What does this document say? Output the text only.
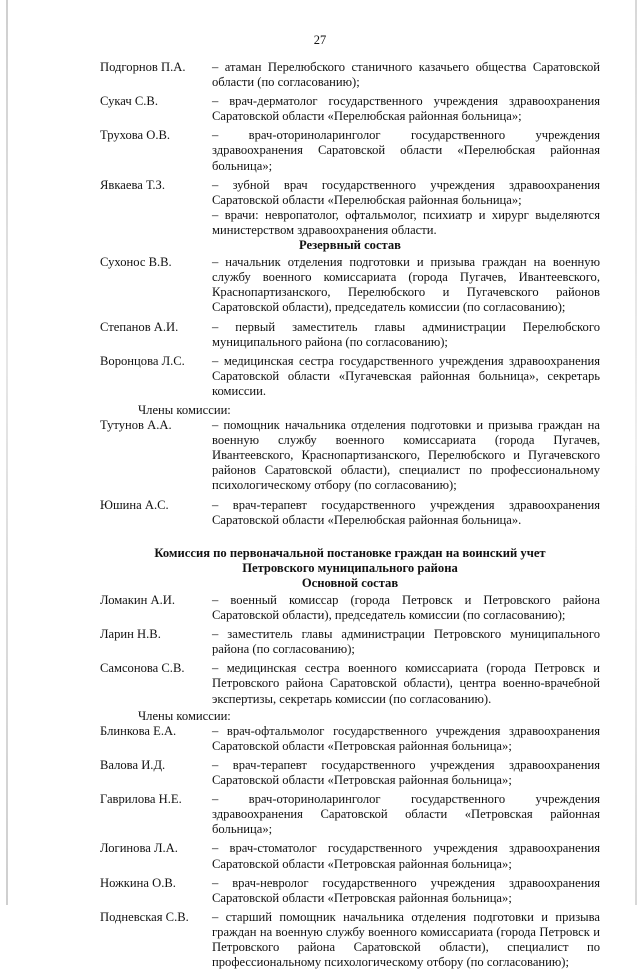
27
Подгорнов П.А.	– атаман Перелюбского станичного казачьего общества Саратовской области (по согласованию);
Сукач С.В.	– врач-дерматолог государственного учреждения здравоохранения Саратовской области «Перелюбская районная больница»;
Трухова О.В.	– врач-оториноларинголог государственного учреждения здравоохранения Саратовской области «Перелюбская районная больница»;
Явкаева Т.З.	– зубной врач государственного учреждения здравоохранения Саратовской области «Перелюбская районная больница»;
– врачи: невропатолог, офтальмолог, психиатр и хирург выделяются министерством здравоохранения области.
Резервный состав
Сухонос В.В.	– начальник отделения подготовки и призыва граждан на военную службу военного комиссариата (города Пугачев, Ивантеевского, Краснопартизанского, Перелюбского и Пугачевского районов Саратовской области), председатель комиссии (по согласованию);
Степанов А.И.	– первый заместитель главы администрации Перелюбского муниципального района (по согласованию);
Воронцова Л.С.	– медицинская сестра государственного учреждения здравоохранения Саратовской области «Пугачевская районная больница», секретарь комиссии.
Члены комиссии:
Тутунов А.А.	– помощник начальника отделения подготовки и призыва граждан на военную службу военного комиссариата (города Пугачев, Ивантеевского, Краснопартизанского, Перелюбского и Пугачевского районов Саратовской области), специалист по профессиональному психологическому отбору (по согласованию);
Юшина А.С.	– врач-терапевт государственного учреждения здравоохранения Саратовской области «Перелюбская районная больница».
Комиссия по первоначальной постановке граждан на воинский учет
Петровского муниципального района
Основной состав
Ломакин А.И.	– военный комиссар (города Петровск и Петровского района Саратовской области), председатель комиссии (по согласованию);
Ларин Н.В.	– заместитель главы администрации Петровского муниципального района (по согласованию);
Самсонова С.В.	– медицинская сестра военного комиссариата (города Петровск и Петровского района Саратовской области), центра военно-врачебной экспертизы, секретарь комиссии (по согласованию).
Члены комиссии:
Блинкова Е.А.	– врач-офтальмолог государственного учреждения здравоохранения Саратовской области «Петровская районная больница»;
Валова И.Д.	– врач-терапевт государственного учреждения здравоохранения Саратовской области «Петровская районная больница»;
Гаврилова Н.Е.	– врач-оториноларинголог государственного учреждения здравоохранения Саратовской области «Петровская районная больница»;
Логинова Л.А.	– врач-стоматолог государственного учреждения здравоохранения Саратовской области «Петровская районная больница»;
Ножкина О.В.	– врач-невролог государственного учреждения здравоохранения Саратовской области «Петровская районная больница»;
Подневская С.В.	– старший помощник начальника отделения подготовки и призыва граждан на военную службу военного комиссариата (города Петровск и Петровского района Саратовской области), специалист по профессиональному психологическому отбору (по согласованию);
